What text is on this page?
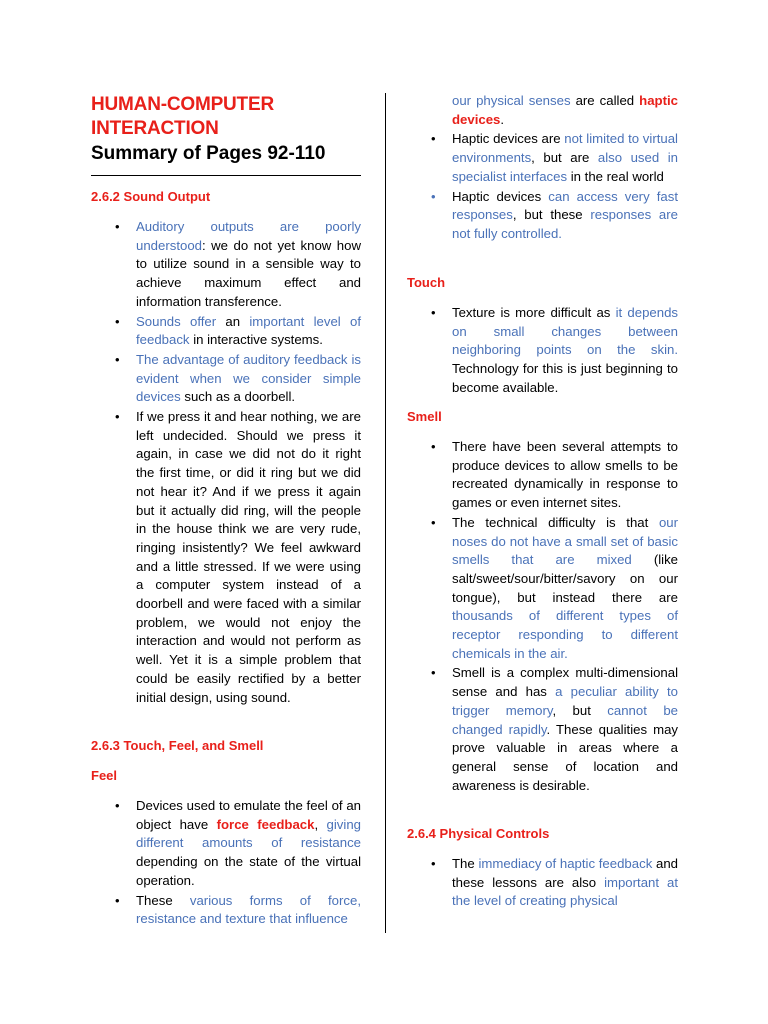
HUMAN-COMPUTER
INTERACTION
Summary of Pages 92-110
2.6.2 Sound Output
• Auditory outputs are poorly understood: we do not yet know how to utilize sound in a sensible way to achieve maximum effect and information transference.
• Sounds offer an important level of feedback in interactive systems.
• The advantage of auditory feedback is evident when we consider simple devices such as a doorbell.
• If we press it and hear nothing, we are left undecided. Should we press it again, in case we did not do it right the first time, or did it ring but we did not hear it? And if we press it again but it actually did ring, will the people in the house think we are very rude, ringing insistently? We feel awkward and a little stressed. If we were using a computer system instead of a doorbell and were faced with a similar problem, we would not enjoy the interaction and would not perform as well. Yet it is a simple problem that could be easily rectified by a better initial design, using sound.
2.6.3 Touch, Feel, and Smell
Feel
• Devices used to emulate the feel of an object have force feedback, giving different amounts of resistance depending on the state of the virtual operation.
• These various forms of force, resistance and texture that influence
our physical senses are called haptic devices.
• Haptic devices are not limited to virtual environments, but are also used in specialist interfaces in the real world
• Haptic devices can access very fast responses, but these responses are not fully controlled.
Touch
• Texture is more difficult as it depends on small changes between neighboring points on the skin. Technology for this is just beginning to become available.
Smell
• There have been several attempts to produce devices to allow smells to be recreated dynamically in response to games or even internet sites.
• The technical difficulty is that our noses do not have a small set of basic smells that are mixed (like salt/sweet/sour/bitter/savory on our tongue), but instead there are thousands of different types of receptor responding to different chemicals in the air.
• Smell is a complex multi-dimensional sense and has a peculiar ability to trigger memory, but cannot be changed rapidly. These qualities may prove valuable in areas where a general sense of location and awareness is desirable.
2.6.4 Physical Controls
• The immediacy of haptic feedback and these lessons are also important at the level of creating physical
